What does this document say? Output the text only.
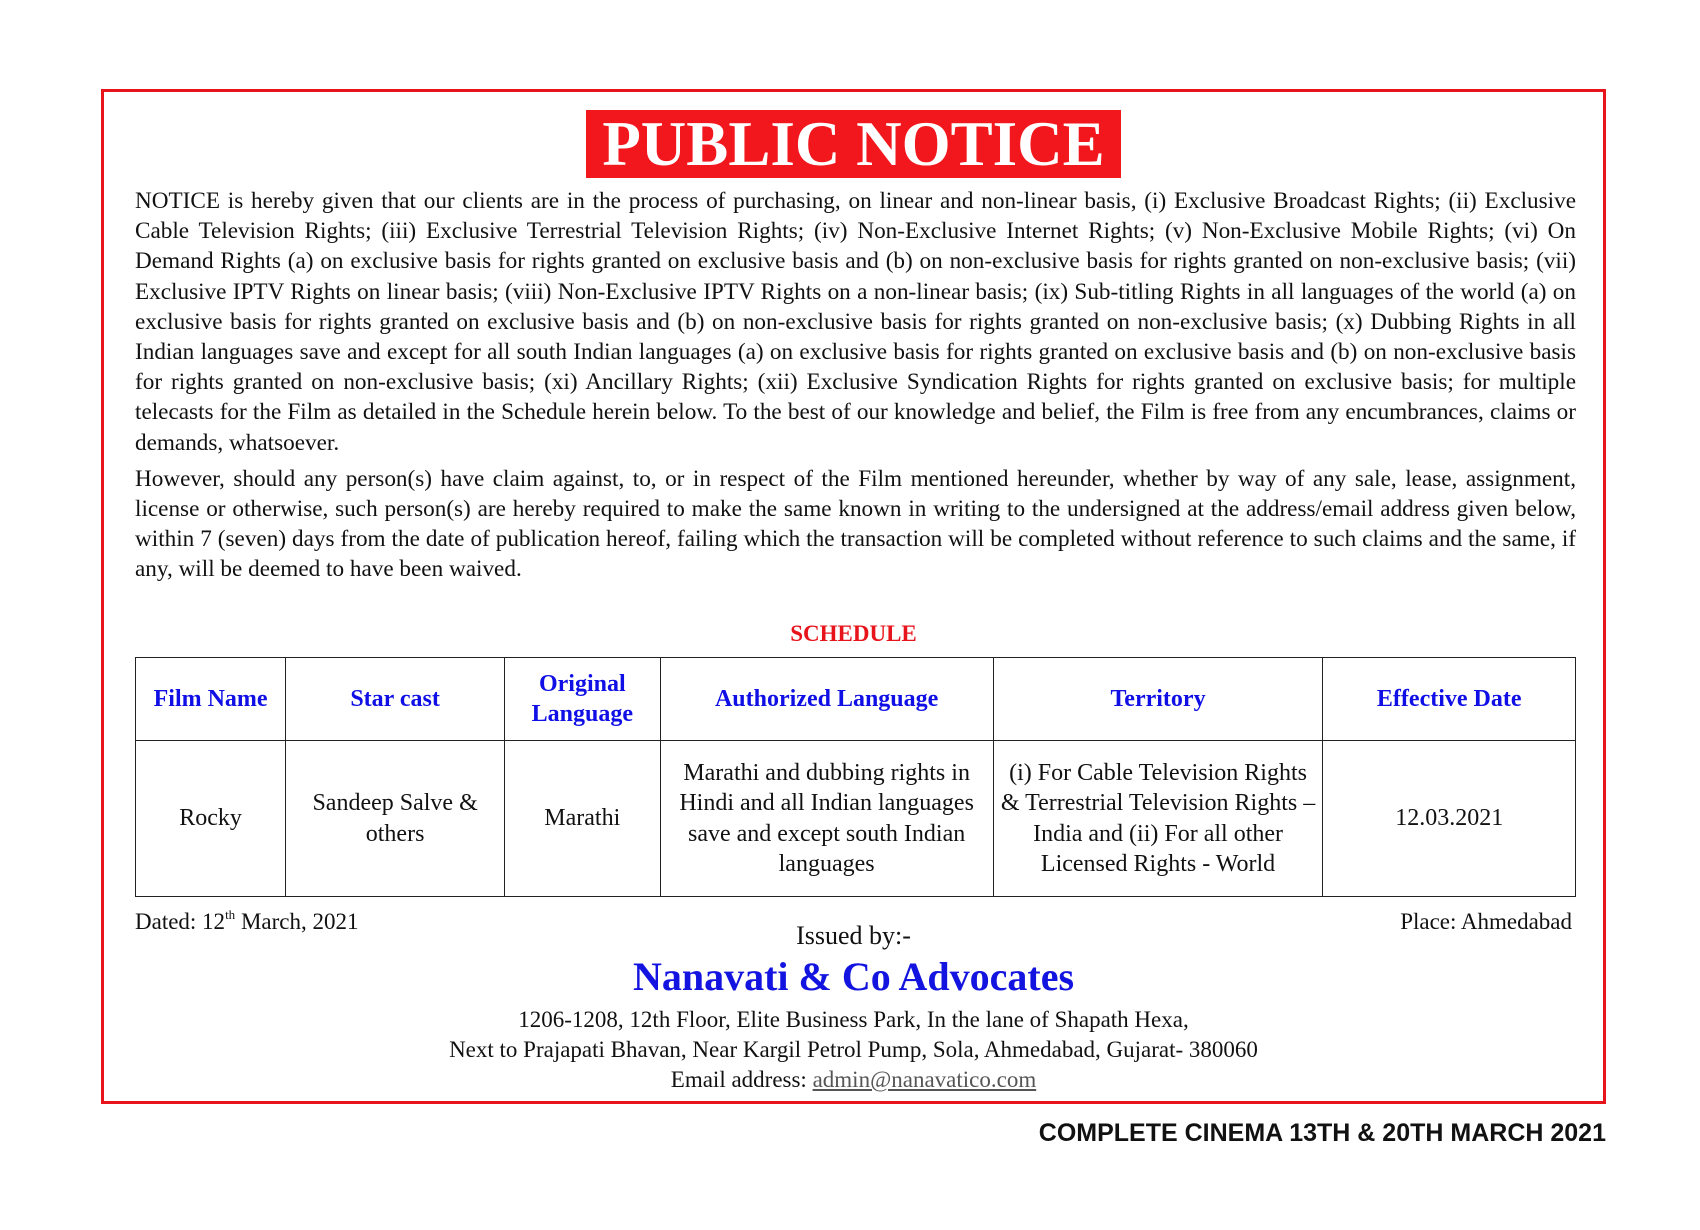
PUBLIC NOTICE

NOTICE is hereby given that our clients are in the process of purchasing, on linear and non-linear basis, (i) Exclusive Broadcast Rights; (ii) Exclusive Cable Television Rights; (iii) Exclusive Terrestrial Television Rights; (iv) Non-Exclusive Internet Rights; (v) Non-Exclusive Mobile Rights; (vi) On Demand Rights (a) on exclusive basis for rights granted on exclusive basis and (b) on non-exclusive basis for rights granted on non-exclusive basis; (vii) Exclusive IPTV Rights on linear basis; (viii) Non-Exclusive IPTV Rights on a non-linear basis; (ix) Sub-titling Rights in all languages of the world (a) on exclusive basis for rights granted on exclusive basis and (b) on non-exclusive basis for rights granted on non-exclusive basis; (x) Dubbing Rights in all Indian languages save and except for all south Indian languages (a) on exclusive basis for rights granted on exclusive basis and (b) on non-exclusive basis for rights granted on non-exclusive basis; (xi) Ancillary Rights; (xii) Exclusive Syndication Rights for rights granted on exclusive basis; for multiple telecasts for the Film as detailed in the Schedule herein below. To the best of our knowledge and belief, the Film is free from any encumbrances, claims or demands, whatsoever.

However, should any person(s) have claim against, to, or in respect of the Film mentioned hereunder, whether by way of any sale, lease, assignment, license or otherwise, such person(s) are hereby required to make the same known in writing to the undersigned at the address/email address given below, within 7 (seven) days from the date of publication hereof, failing which the transaction will be completed without reference to such claims and the same, if any, will be deemed to have been waived.

SCHEDULE
Film Name	Star cast	Original Language	Authorized Language	Territory	Effective Date
Rocky	Sandeep Salve & others	Marathi	Marathi and dubbing rights in Hindi and all Indian languages save and except south Indian languages	(i) For Cable Television Rights & Terrestrial Television Rights – India and (ii) For all other Licensed Rights - World	12.03.2021
Dated: 12th March, 2021	Place: Ahmedabad
Issued by:-
Nanavati & Co Advocates
1206-1208, 12th Floor, Elite Business Park, In the lane of Shapath Hexa,
Next to Prajapati Bhavan, Near Kargil Petrol Pump, Sola, Ahmedabad, Gujarat- 380060
Email address: admin@nanavatico.com
COMPLETE CINEMA 13TH & 20TH MARCH 2021
